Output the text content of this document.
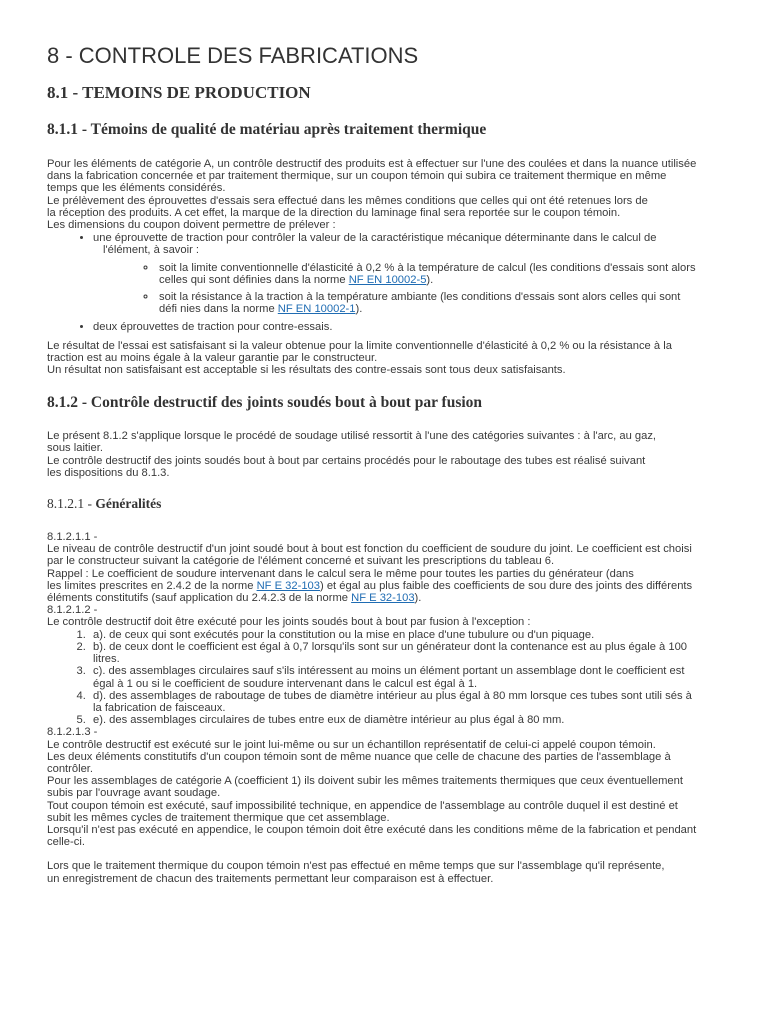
8 - CONTROLE DES FABRICATIONS
8.1 - TEMOINS DE PRODUCTION
8.1.1 - Témoins de qualité de matériau après traitement thermique

Pour les éléments de catégorie A, un contrôle destructif des produits est à effectuer sur l'une des coulées et dans la nuance utilisée
dans la fabrication concernée et par traitement thermique, sur un coupon témoin qui subira ce traitement thermique en même
temps que les éléments considérés.
Le prélèvement des éprouvettes d'essais sera effectué dans les mêmes conditions que celles qui ont été retenues lors de
la réception des produits. A cet effet, la marque de la direction du laminage final sera reportée sur le coupon témoin.
Les dimensions du coupon doivent permettre de prélever :

• une éprouvette de traction pour contrôler la valeur de la caractéristique mécanique déterminante dans le calcul de
l'élément, à savoir :
◦ soit la limite conventionnelle d'élasticité à 0,2 % à la température de calcul (les conditions d'essais sont alors
celles qui sont définies dans la norme NF EN 10002-5).
◦ soit la résistance à la traction à la température ambiante (les conditions d'essais sont alors celles qui sont
défi nies dans la norme NF EN 10002-1).
• deux éprouvettes de traction pour contre-essais.

Le résultat de l'essai est satisfaisant si la valeur obtenue pour la limite conventionnelle d'élasticité à 0,2 % ou la résistance à la
traction est au moins égale à la valeur garantie par le constructeur.
Un résultat non satisfaisant est acceptable si les résultats des contre-essais sont tous deux satisfaisants.

8.1.2 - Contrôle destructif des joints soudés bout à bout par fusion

Le présent 8.1.2 s'applique lorsque le procédé de soudage utilisé ressortit à l'une des catégories suivantes : à l'arc, au gaz,
sous laitier.
Le contrôle destructif des joints soudés bout à bout par certains procédés pour le raboutage des tubes est réalisé suivant
les dispositions du 8.1.3.

8.1.2.1 - Généralités

8.1.2.1.1 -
Le niveau de contrôle destructif d'un joint soudé bout à bout est fonction du coefficient de soudure du joint. Le coefficient est choisi
par le constructeur suivant la catégorie de l'élément concerné et suivant les prescriptions du tableau 6.
Rappel : Le coefficient de soudure intervenant dans le calcul sera le même pour toutes les parties du générateur (dans
les limites prescrites en 2.4.2 de la norme NF E 32-103) et égal au plus faible des coefficients de sou dure des joints des différents
éléments constitutifs (sauf application du 2.4.2.3 de la norme NF E 32-103).
8.1.2.1.2 -
Le contrôle destructif doit être exécuté pour les joints soudés bout à bout par fusion à l'exception :

1. a). de ceux qui sont exécutés pour la constitution ou la mise en place d'une tubulure ou d'un piquage.
2. b). de ceux dont le coefficient est égal à 0,7 lorsqu'ils sont sur un générateur dont la contenance est au plus égale à 100
litres.
3. c). des assemblages circulaires sauf s'ils intéressent au moins un élément portant un assemblage dont le coefficient est
égal à 1 ou si le coefficient de soudure intervenant dans le calcul est égal à 1.
4. d). des assemblages de raboutage de tubes de diamètre intérieur au plus égal à 80 mm lorsque ces tubes sont utili sés à
la fabrication de faisceaux.
5. e). des assemblages circulaires de tubes entre eux de diamètre intérieur au plus égal à 80 mm.

8.1.2.1.3 -
Le contrôle destructif est exécuté sur le joint lui-même ou sur un échantillon représentatif de celui-ci appelé coupon témoin.
Les deux éléments constitutifs d'un coupon témoin sont de même nuance que celle de chacune des parties de l'assemblage à
contrôler.
Pour les assemblages de catégorie A (coefficient 1) ils doivent subir les mêmes traitements thermiques que ceux éventuellement
subis par l'ouvrage avant soudage.
Tout coupon témoin est exécuté, sauf impossibilité technique, en appendice de l'assemblage au contrôle duquel il est destiné et
subit les mêmes cycles de traitement thermique que cet assemblage.
Lorsqu'il n'est pas exécuté en appendice, le coupon témoin doit être exécuté dans les conditions même de la fabrication et pendant
celle-ci.

Lors que le traitement thermique du coupon témoin n'est pas effectué en même temps que sur l'assemblage qu'il représente,
un enregistrement de chacun des traitements permettant leur comparaison est à effectuer.
